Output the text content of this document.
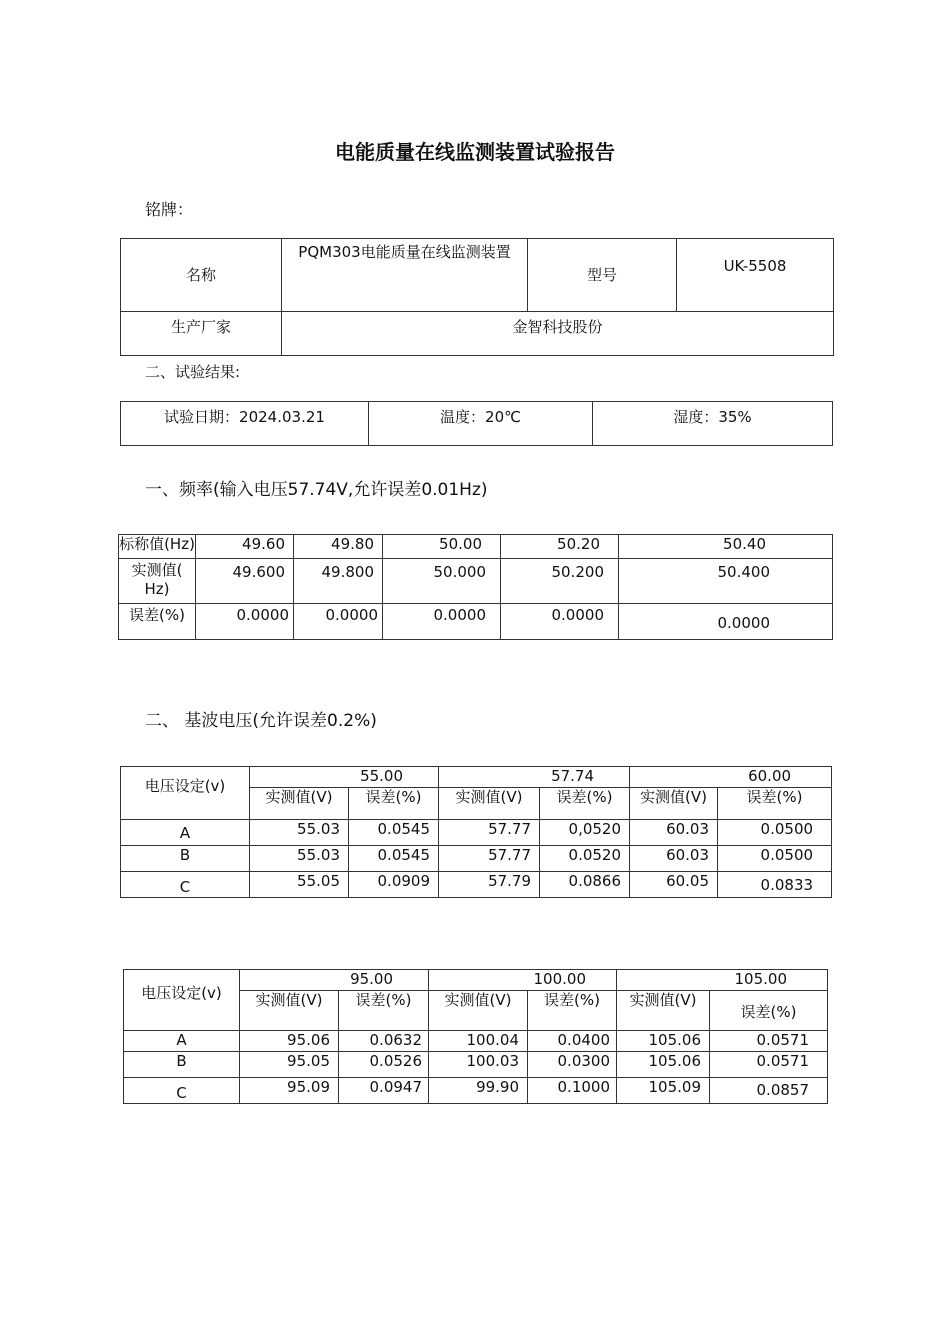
电能质量在线监测装置试验报告
铭牌：
名称	PQM303电能质量在线监测装置	型号	UK-5508
生产厂家	金智科技股份		
二、试验结果:
试验日期：2024.03.21	温度：20℃	湿度：35%
一、频率(输入电压57.74V,允许误差0.01Hz)
标称值(Hz)	49.60	49.80	50.00	50.20	50.40
实测值( Hz)	49.600	49.800	50.000	50.200	50.400
误差(%)	0.0000	0.0000	0.0000	0.0000	0.0000
二、 基波电压(允许误差0.2%)
电压设定(v)	55.00		57.74		60.00	
	实测值(V)	误差(%)	实测值(V)	误差(%)	实测值(V)	误差(%)
A	55.03	0.0545	57.77	0,0520	60.03	0.0500
B	55.03	0.0545	57.77	0.0520	60.03	0.0500
C	55.05	0.0909	57.79	0.0866	60.05	0.0833
电压设定(v)	95.00		100.00		105.00	
	实测值(V)	误差(%)	实测值(V)	误差(%)	实测值(V)	误差(%)
A	95.06	0.0632	100.04	0.0400	105.06	0.0571
B	95.05	0.0526	100.03	0.0300	105.06	0.0571
C	95.09	0.0947	99.90	0.1000	105.09	0.0857
